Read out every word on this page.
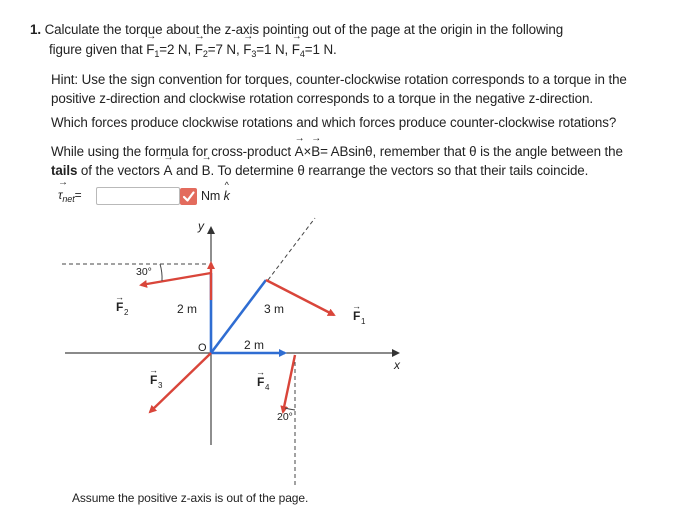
1. Calculate the torque about the z-axis pointing out of the page at the origin in the following
figure given that → $F_1=2$ N, → $F_2=7$ N, → $F_3=1$ N, → $F_4=1$ N.
Hint: Use the sign convention for torques, counter-clockwise rotation corresponds to a torque in the
positive z-direction and clockwise rotation corresponds to a torque in the negative z-direction.
Which forces produce clockwise rotations and which forces produce counter-clockwise rotations?
While using the formula for cross-product → A×→ B= ABsinθ, remember that θ is the angle between the
tails of the vectors → A and → B. To determine θ rearrange the vectors so that their tails coincide.
→ $\tau_{net}=$	Nm k
^
y
x
O
30°
20°
2 m	3 m
2 m
F 1
→
F 2
→
F 3
→
F 4
→
Assume the positive z-axis is out of the page.
